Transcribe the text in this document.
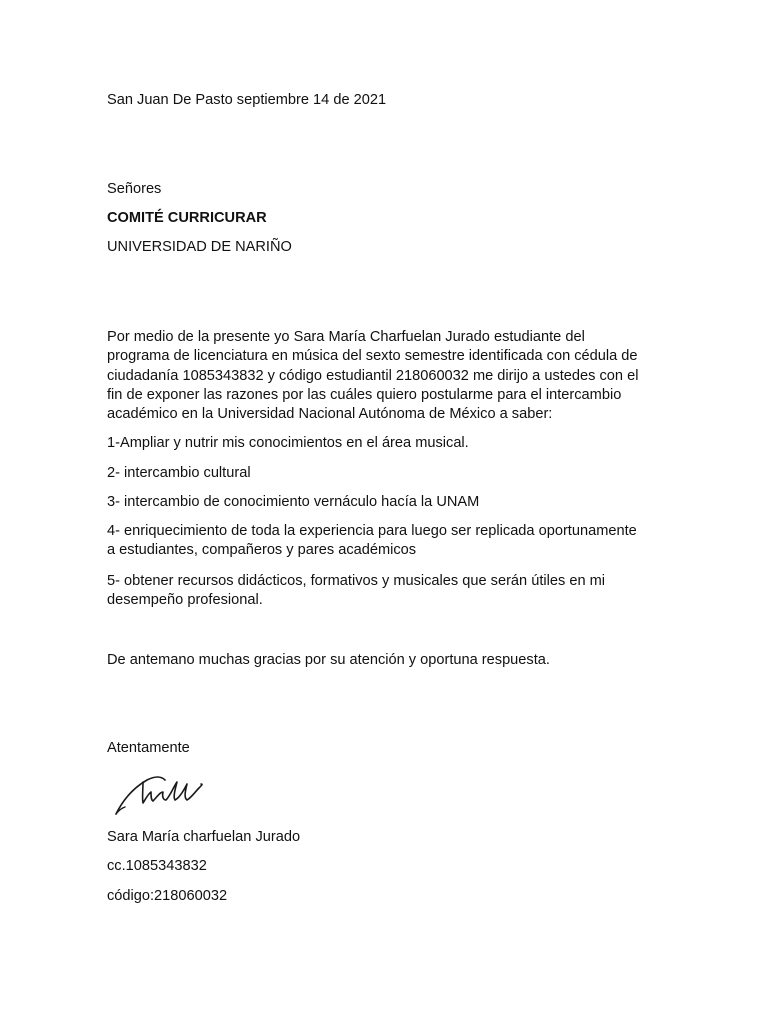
San Juan De Pasto septiembre 14 de 2021
Señores
COMITÉ CURRICURAR
UNIVERSIDAD DE NARIÑO
Por medio de la presente yo Sara María Charfuelan Jurado estudiante del
programa de licenciatura en música del sexto semestre identificada con cédula de
ciudadanía 1085343832 y código estudiantil 218060032 me dirijo a ustedes con el
fin de exponer las razones por las cuáles quiero postularme para el intercambio
académico en la Universidad Nacional Autónoma de México a saber:
1-Ampliar y nutrir mis conocimientos en el área musical.
2- intercambio cultural
3- intercambio de conocimiento vernáculo hacía la UNAM
4- enriquecimiento de toda la experiencia para luego ser replicada oportunamente
a estudiantes, compañeros y pares académicos
5- obtener recursos didácticos, formativos y musicales que serán útiles en mi
desempeño profesional.
De antemano muchas gracias por su atención y oportuna respuesta.
Atentamente
Sara María charfuelan Jurado
cc.1085343832
código:218060032
